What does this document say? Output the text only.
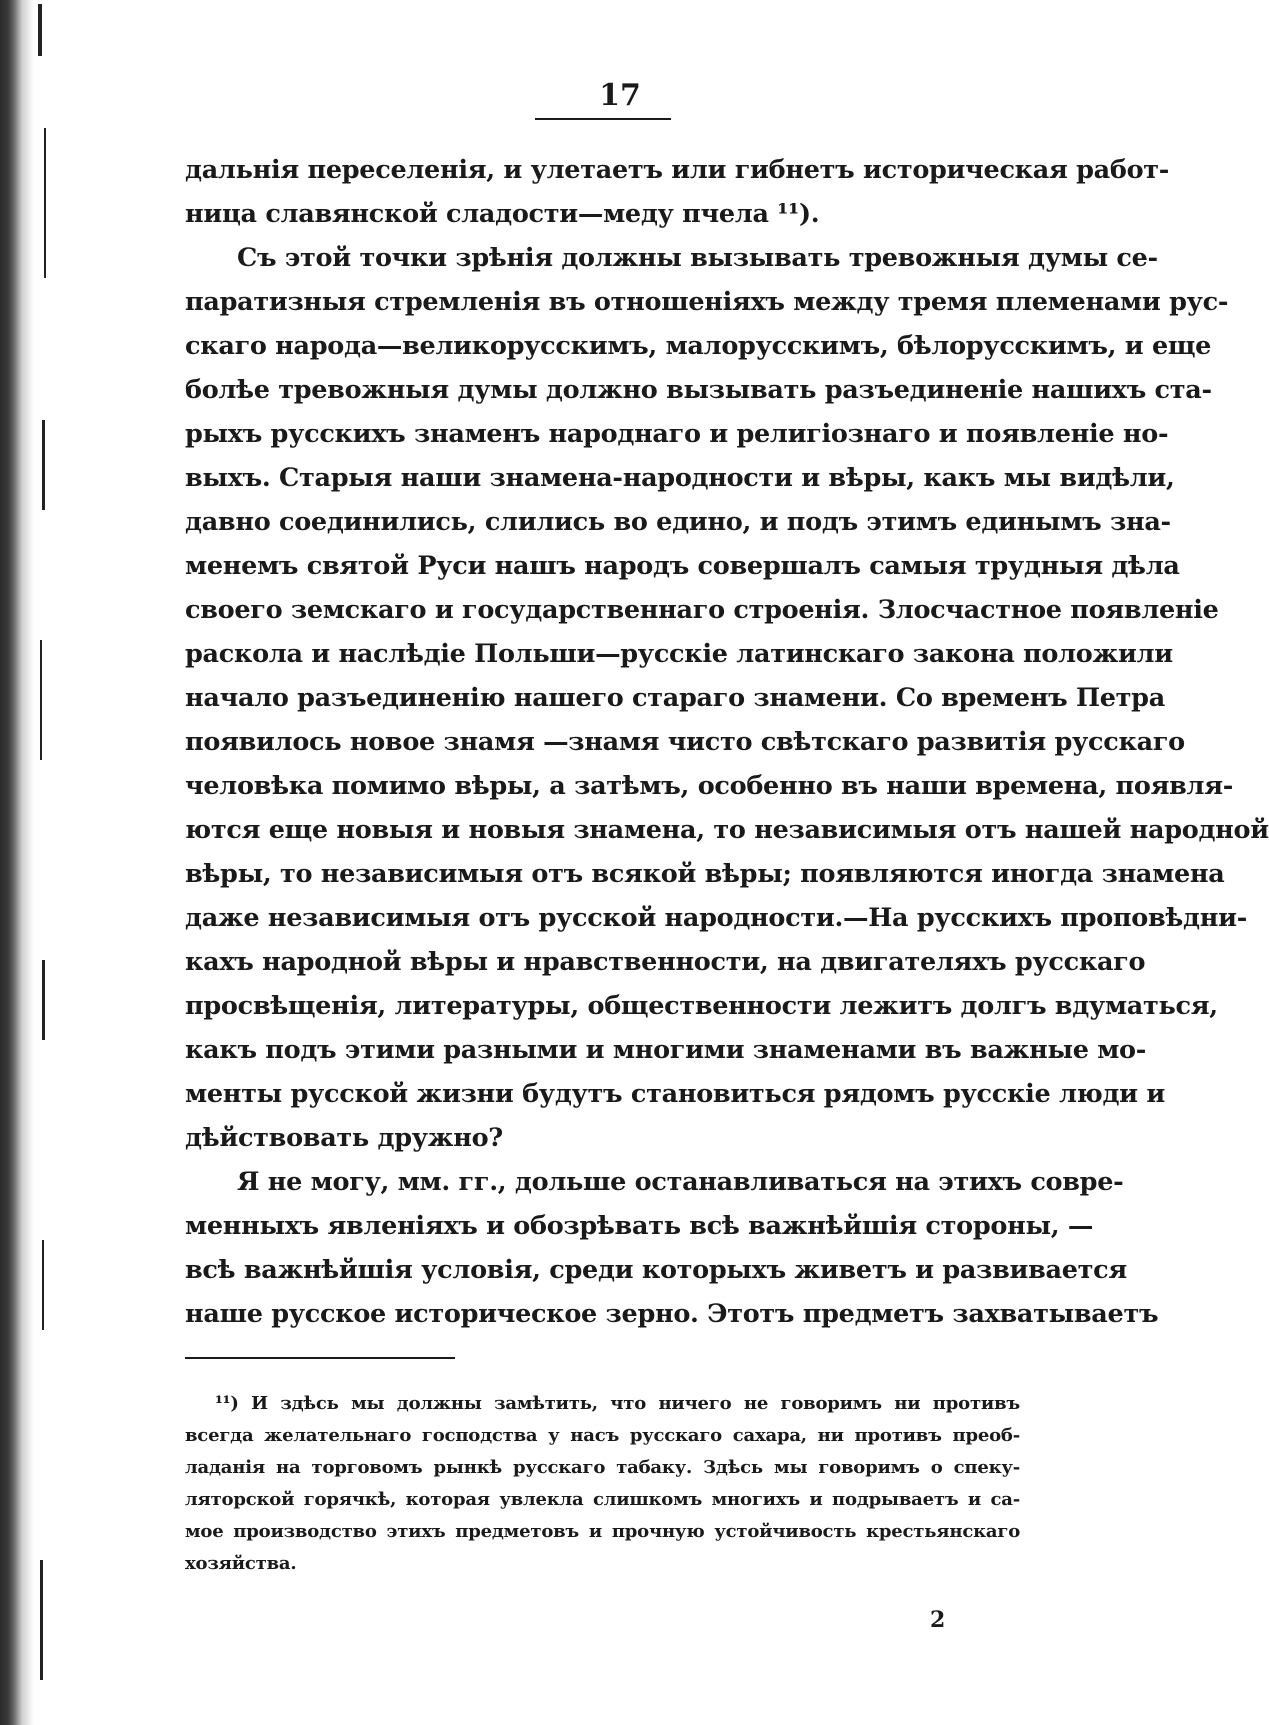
17
дальнія переселенія, и улетаетъ или гибнетъ историческая работ-
ница славянской сладости—меду пчела ¹¹).
Съ этой точки зрѣнія должны вызывать тревожныя думы се-
паратизныя стремленія въ отношеніяхъ между тремя племенами рус-
скаго народа—великорусскимъ, малорусскимъ, бѣлорусскимъ, и еще
болѣе тревожныя думы должно вызывать разъединеніе нашихъ ста-
рыхъ русскихъ знаменъ народнаго и религіознаго и появленіе но-
выхъ. Старыя наши знамена-народности и вѣры, какъ мы видѣли,
давно соединились, слились во едино, и подъ этимъ единымъ зна-
менемъ святой Руси нашъ народъ совершалъ самыя трудныя дѣла
своего земскаго и государственнаго строенія. Злосчастное появленіе
раскола и наслѣдіе Польши—русскіе латинскаго закона положили
начало разъединенію нашего стараго знамени. Со временъ Петра
появилось новое знамя —знамя чисто свѣтскаго развитія русскаго
человѣка помимо вѣры, а затѣмъ, особенно въ наши времена, появля-
ются еще новыя и новыя знамена, то независимыя отъ нашей народной
вѣры, то независимыя отъ всякой вѣры; появляются иногда знамена
даже независимыя отъ русской народности.—На русскихъ проповѣдни-
кахъ народной вѣры и нравственности, на двигателяхъ русскаго
просвѣщенія, литературы, общественности лежитъ долгъ вдуматься,
какъ подъ этими разными и многими знаменами въ важные мо-
менты русской жизни будутъ становиться рядомъ русскіе люди и
дѣйствовать дружно?
Я не могу, мм. гг., дольше останавливаться на этихъ совре-
менныхъ явленіяхъ и обозрѣвать всѣ важнѣйшія стороны, —
всѣ важнѣйшія условія, среди которыхъ живетъ и развивается
наше русское историческое зерно. Этотъ предметъ захватываетъ
¹¹) И здѣсь мы должны замѣтить, что ничего не говоримъ ни противъ
всегда желательнаго господства у насъ русскаго сахара, ни противъ преоб-
ладанія на торговомъ рынкѣ русскаго табаку. Здѣсь мы говоримъ о спеку-
ляторской горячкѣ, которая увлекла слишкомъ многихъ и подрываетъ и са-
мое производство этихъ предметовъ и прочную устойчивость крестьянскаго
хозяйства.
2
